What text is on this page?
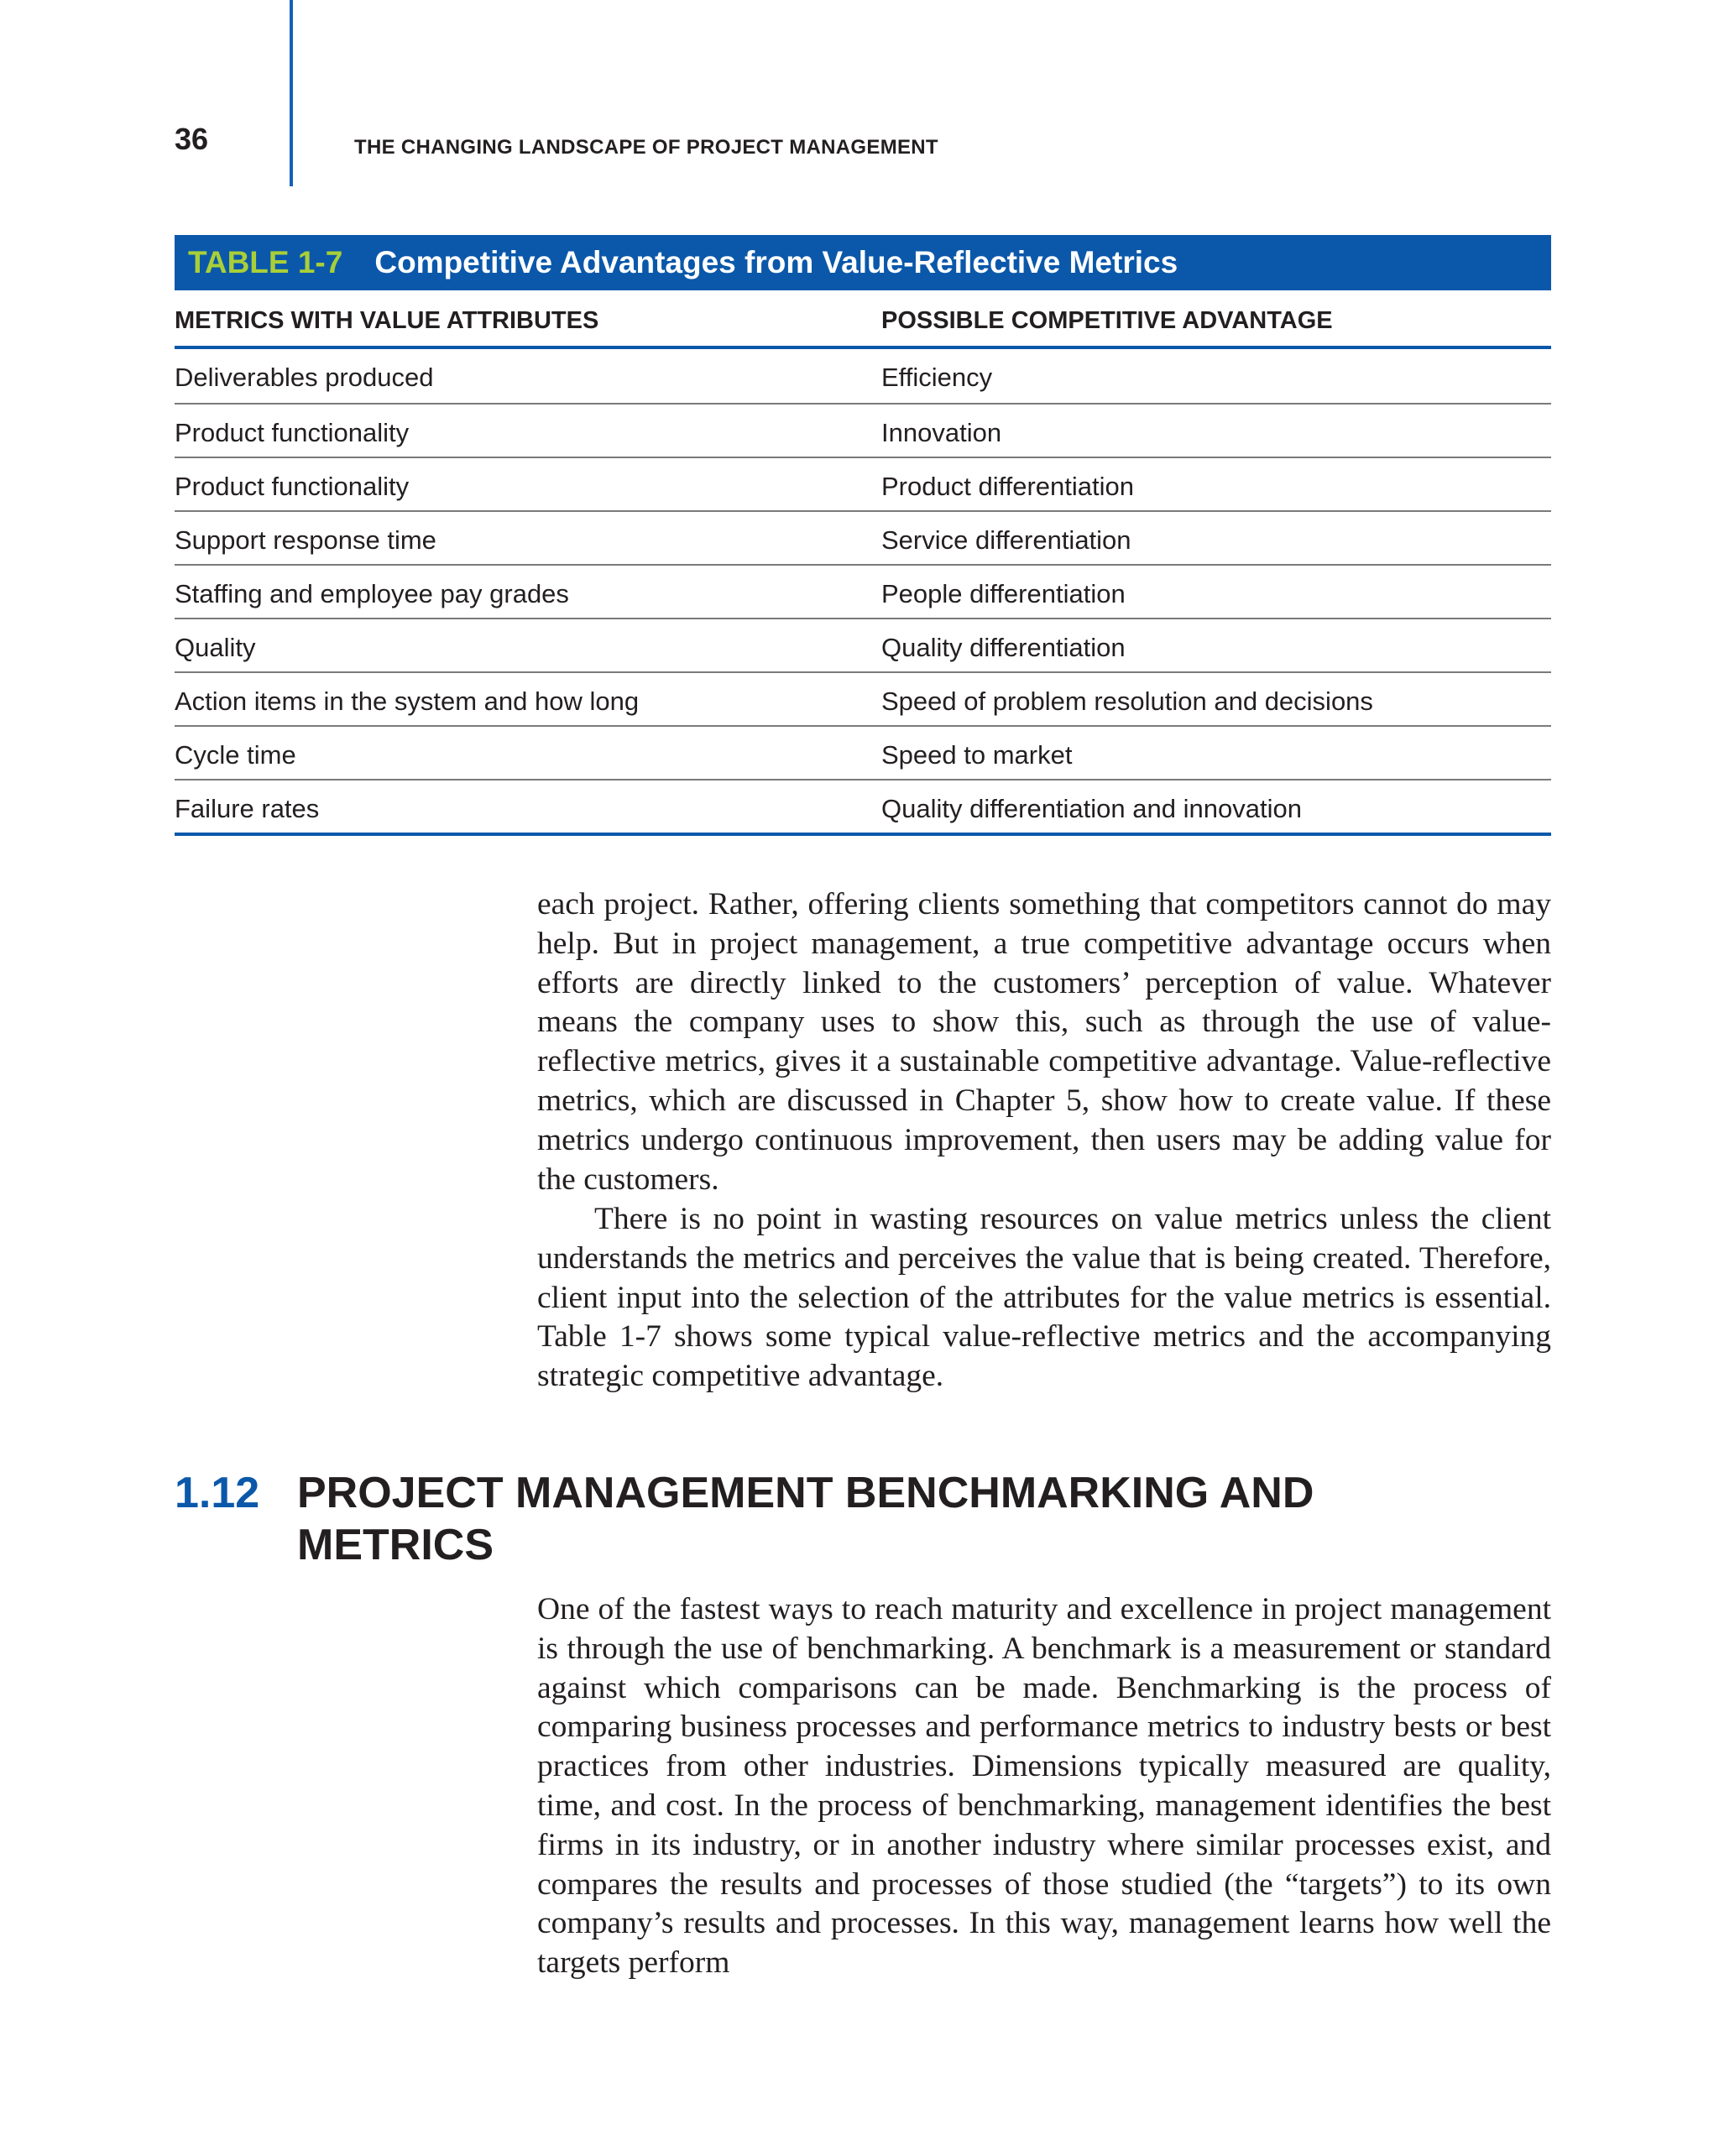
36	THE CHANGING LANDSCAPE OF PROJECT MANAGEMENT
TABLE 1-7 Competitive Advantages from Value-Reflective Metrics
METRICS WITH VALUE ATTRIBUTES	POSSIBLE COMPETITIVE ADVANTAGE
Deliverables produced	Efficiency
Product functionality	Innovation
Product functionality	Product differentiation
Support response time	Service differentiation
Staffing and employee pay grades	People differentiation
Quality	Quality differentiation
Action items in the system and how long	Speed of problem resolution and decisions
Cycle time	Speed to market
Failure rates	Quality differentiation and innovation

each project. Rather, offering clients something that competitors cannot do may help. But in project management, a true competitive advantage occurs when efforts are directly linked to the customers’ perception of value. Whatever means the company uses to show this, such as through the use of value-reflective metrics, gives it a sustainable competitive advantage. Value-reflective metrics, which are discussed in Chapter 5, show how to create value. If these metrics undergo continuous improvement, then users may be adding value for the customers.

There is no point in wasting resources on value metrics unless the client understands the metrics and perceives the value that is being created. Therefore, client input into the selection of the attributes for the value metrics is essential. Table 1-7 shows some typical value-reflective metrics and the accompanying strategic competitive advantage.

1.12 PROJECT MANAGEMENT BENCHMARKING AND METRICS

One of the fastest ways to reach maturity and excellence in project management is through the use of benchmarking. A benchmark is a measurement or standard against which comparisons can be made. Benchmarking is the process of comparing business processes and performance metrics to industry bests or best practices from other industries. Dimensions typically measured are quality, time, and cost. In the process of benchmarking, management identifies the best firms in its industry, or in another industry where similar processes exist, and compares the results and processes of those studied (the “targets”) to its own company’s results and processes. In this way, management learns how well the targets perform
